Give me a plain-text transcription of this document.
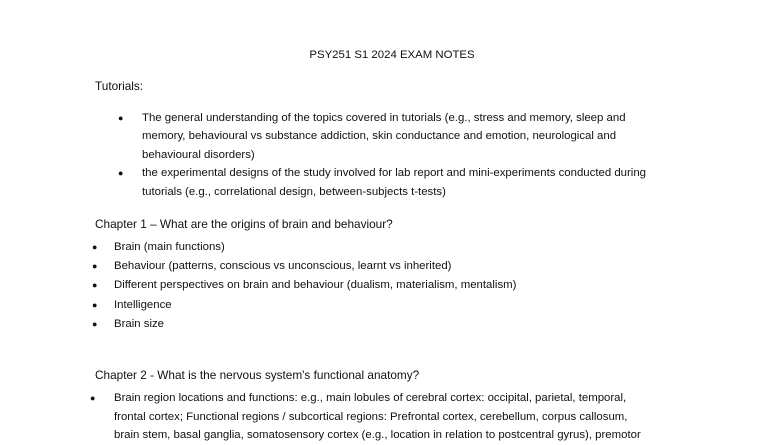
PSY251 S1 2024 EXAM NOTES
Tutorials:
● The general understanding of the topics covered in tutorials (e.g., stress and memory, sleep and
memory, behavioural vs substance addiction, skin conductance and emotion, neurological and
behavioural disorders)
● the experimental designs of the study involved for lab report and mini-experiments conducted during
tutorials (e.g., correlational design, between-subjects t-tests)
Chapter 1 – What are the origins of brain and behaviour?
● Brain (main functions)
● Behaviour (patterns, conscious vs unconscious, learnt vs inherited)
● Different perspectives on brain and behaviour (dualism, materialism, mentalism)
● Intelligence
● Brain size
Chapter 2 - What is the nervous system's functional anatomy?
● Brain region locations and functions: e.g., main lobules of cerebral cortex: occipital, parietal, temporal,
frontal cortex; Functional regions / subcortical regions: Prefrontal cortex, cerebellum, corpus callosum,
brain stem, basal ganglia, somatosensory cortex (e.g., location in relation to postcentral gyrus), premotor
